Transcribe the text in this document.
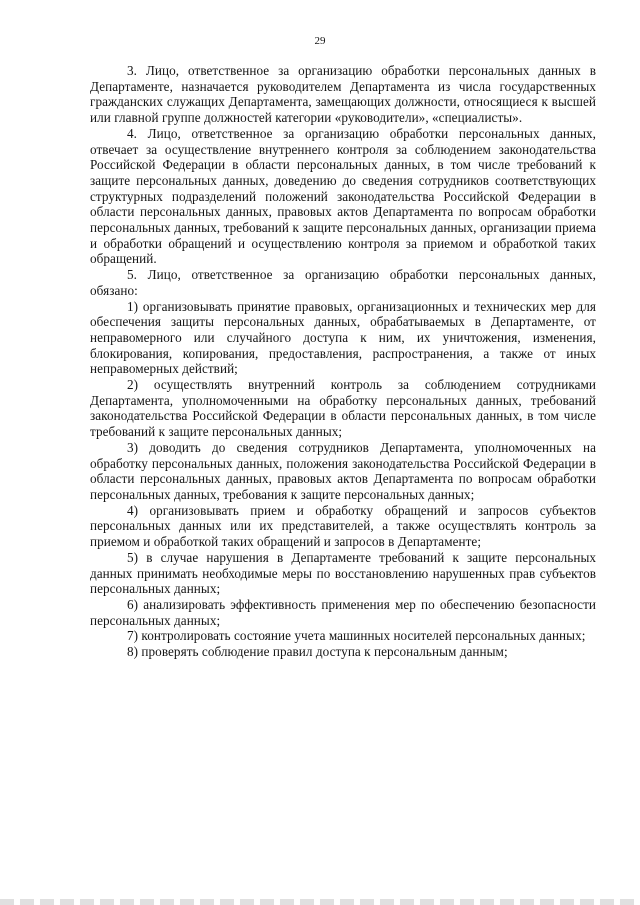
29

3. Лицо, ответственное за организацию обработки персональных данных в Департаменте, назначается руководителем Департамента из числа государственных гражданских служащих Департамента, замещающих должности, относящиеся к высшей или главной группе должностей категории «руководители», «специалисты».

4. Лицо, ответственное за организацию обработки персональных данных, отвечает за осуществление внутреннего контроля за соблюдением законодательства Российской Федерации в области персональных данных, в том числе требований к защите персональных данных, доведению до сведения сотрудников соответствующих структурных подразделений положений законодательства Российской Федерации в области персональных данных, правовых актов Департамента по вопросам обработки персональных данных, требований к защите персональных данных, организации приема и обработки обращений и осуществлению контроля за приемом и обработкой таких обращений.

5. Лицо, ответственное за организацию обработки персональных данных, обязано:

1) организовывать принятие правовых, организационных и технических мер для обеспечения защиты персональных данных, обрабатываемых в Департаменте, от неправомерного или случайного доступа к ним, их уничтожения, изменения, блокирования, копирования, предоставления, распространения, а также от иных неправомерных действий;

2) осуществлять внутренний контроль за соблюдением сотрудниками Департамента, уполномоченными на обработку персональных данных, требований законодательства Российской Федерации в области персональных данных, в том числе требований к защите персональных данных;

3) доводить до сведения сотрудников Департамента, уполномоченных на обработку персональных данных, положения законодательства Российской Федерации в области персональных данных, правовых актов Департамента по вопросам обработки персональных данных, требования к защите персональных данных;

4) организовывать прием и обработку обращений и запросов субъектов персональных данных или их представителей, а также осуществлять контроль за приемом и обработкой таких обращений и запросов в Департаменте;

5) в случае нарушения в Департаменте требований к защите персональных данных принимать необходимые меры по восстановлению нарушенных прав субъектов персональных данных;

6) анализировать эффективность применения мер по обеспечению безопасности персональных данных;

7) контролировать состояние учета машинных носителей персональных данных;

8) проверять соблюдение правил доступа к персональным данным;
